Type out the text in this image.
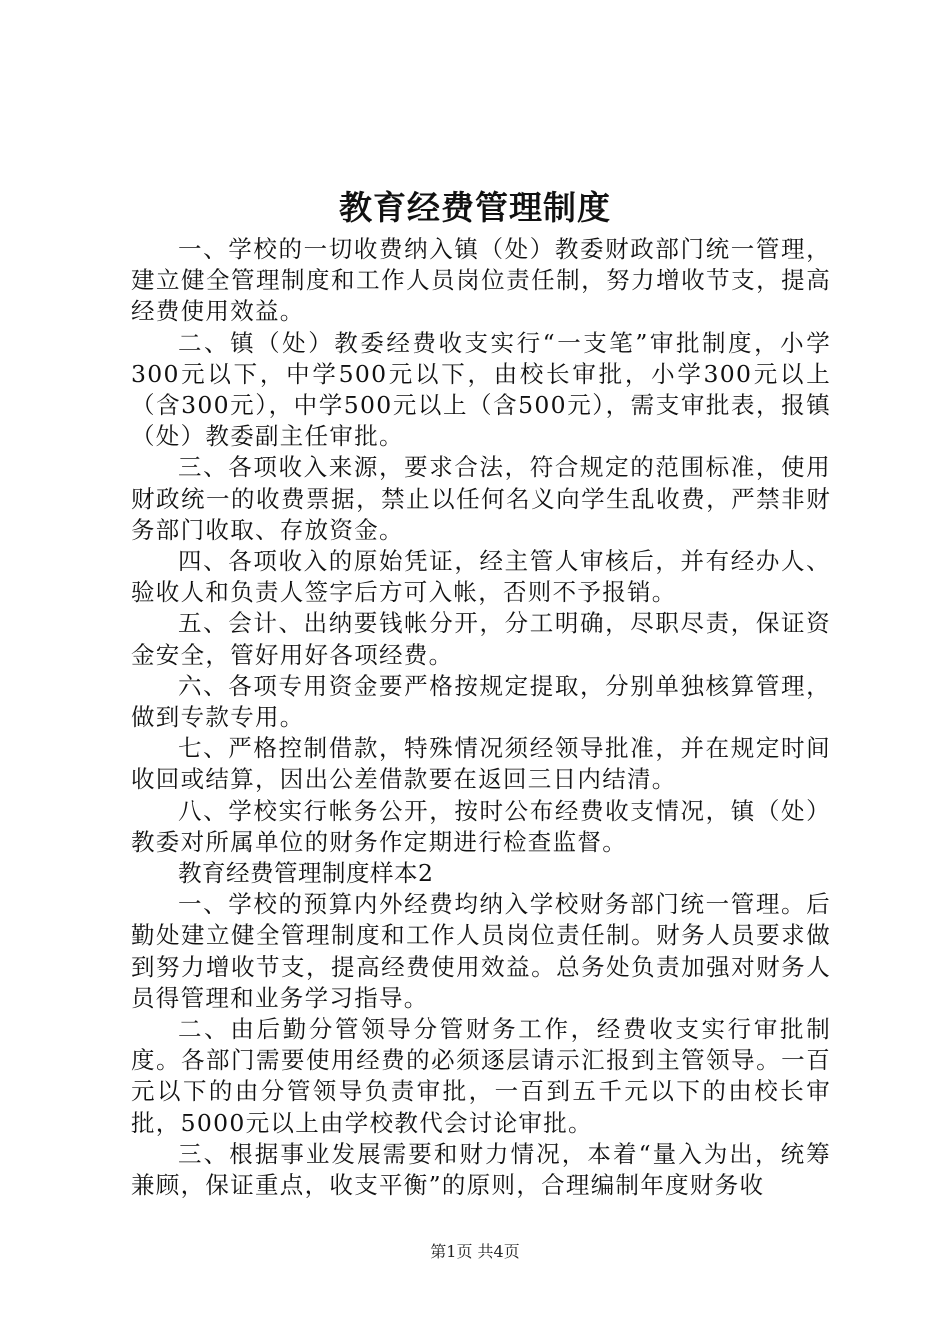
教育经费管理制度

一、学校的一切收费纳入镇（处）教委财政部门统一管理，建立健全管理制度和工作人员岗位责任制，努力增收节支，提高经费使用效益。

二、镇（处）教委经费收支实行“一支笔”审批制度，小学300元以下，中学500元以下，由校长审批，小学300元以上（含300元），中学500元以上（含500元），需支审批表，报镇（处）教委副主任审批。

三、各项收入来源，要求合法，符合规定的范围标准，使用财政统一的收费票据，禁止以任何名义向学生乱收费，严禁非财务部门收取、存放资金。

四、各项收入的原始凭证，经主管人审核后，并有经办人、验收人和负责人签字后方可入帐，否则不予报销。

五、会计、出纳要钱帐分开，分工明确，尽职尽责，保证资金安全，管好用好各项经费。

六、各项专用资金要严格按规定提取，分别单独核算管理，做到专款专用。

七、严格控制借款，特殊情况须经领导批准，并在规定时间收回或结算，因出公差借款要在返回三日内结清。

八、学校实行帐务公开，按时公布经费收支情况，镇（处）教委对所属单位的财务作定期进行检查监督。

教育经费管理制度样本2

一、学校的预算内外经费均纳入学校财务部门统一管理。后勤处建立健全管理制度和工作人员岗位责任制。财务人员要求做到努力增收节支，提高经费使用效益。总务处负责加强对财务人员得管理和业务学习指导。

二、由后勤分管领导分管财务工作，经费收支实行审批制度。各部门需要使用经费的必须逐层请示汇报到主管领导。一百元以下的由分管领导负责审批，一百到五千元以下的由校长审批，5000元以上由学校教代会讨论审批。

三、根据事业发展需要和财力情况，本着“量入为出，统筹兼顾，保证重点，收支平衡”的原则，合理编制年度财务收

第1页 共4页
